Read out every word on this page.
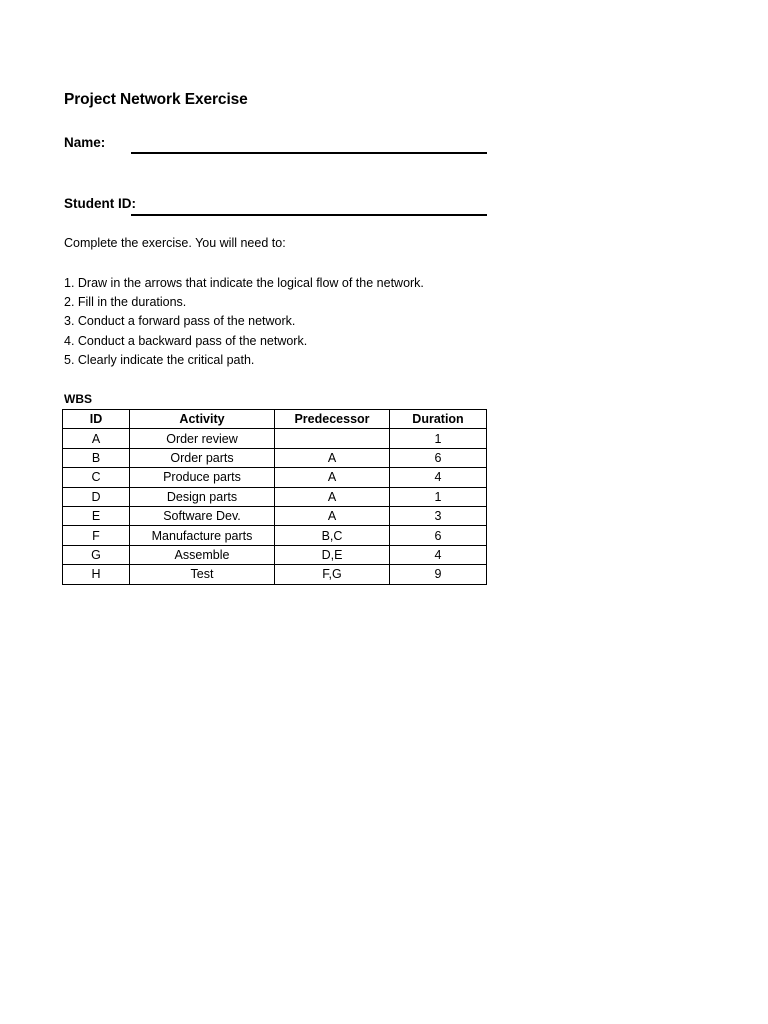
Project Network Exercise
Name:
Student ID:
Complete the exercise. You will need to:
1. Draw in the arrows that indicate the logical flow of the network.
2. Fill in the durations.
3. Conduct a forward pass of the network.
4. Conduct a backward pass of the network.
5. Clearly indicate the critical path.
WBS
ID	Activity	Predecessor	Duration
A	Order review		1
B	Order parts	A	6
C	Produce parts	A	4
D	Design parts	A	1
E	Software Dev.	A	3
F	Manufacture parts	B,C	6
G	Assemble	D,E	4
H	Test	F,G	9
